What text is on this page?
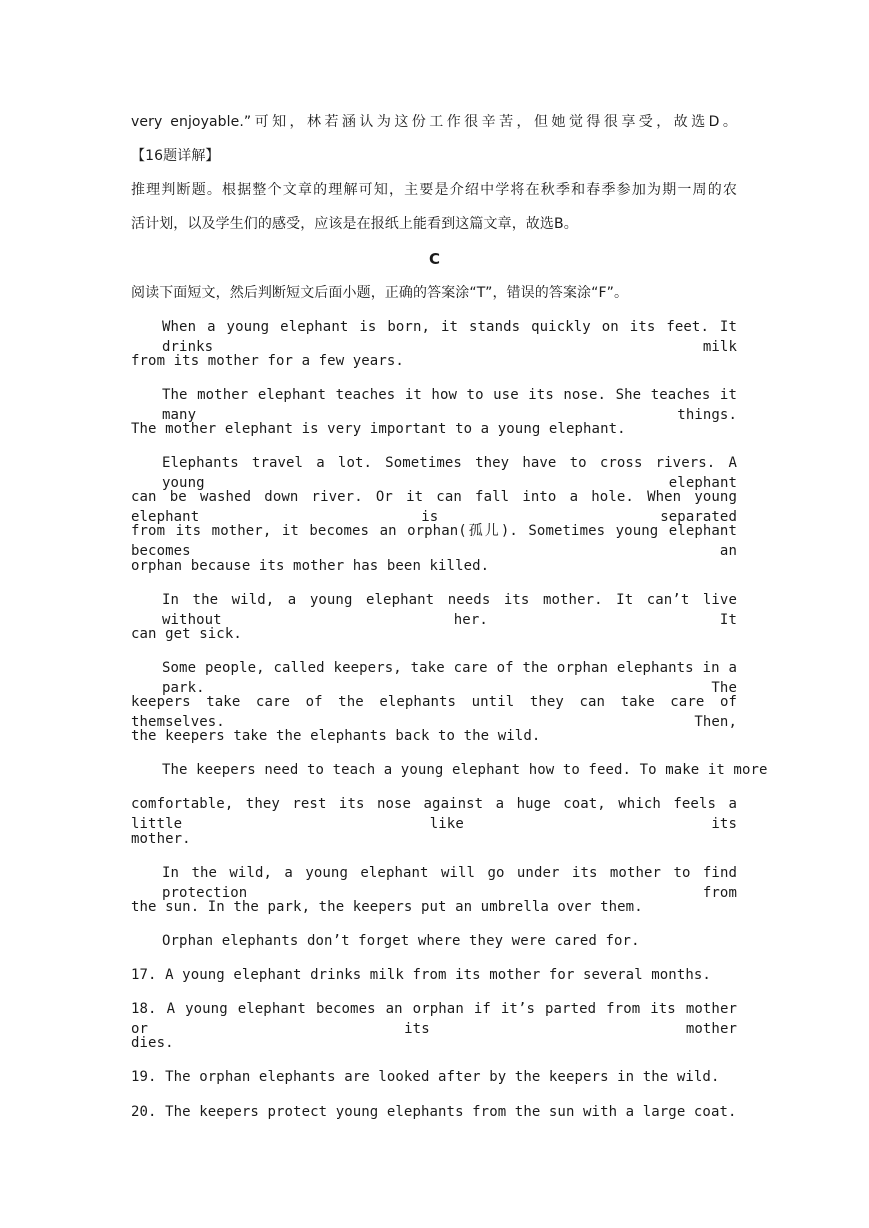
very enjoyable.”可知，林若涵认为这份工作很辛苦，但她觉得很享受，故选D。
【16题详解】
推理判断题。根据整个文章的理解可知，主要是介绍中学将在秋季和春季参加为期一周的农
活计划，以及学生们的感受，应该是在报纸上能看到这篇文章，故选B。
C
阅读下面短文，然后判断短文后面小题，正确的答案涂“T”，错误的答案涂“F”。
When a young elephant is born, it stands quickly on its feet. It drinks milk
from its mother for a few years.
The mother elephant teaches it how to use its nose. She teaches it many things.
The mother elephant is very important to a young elephant.
Elephants travel a lot. Sometimes they have to cross rivers. A young elephant
can be washed down river. Or it can fall into a hole. When young elephant is separated
from its mother, it becomes an orphan(孤儿). Sometimes young elephant becomes an
orphan because its mother has been killed.
In the wild, a young elephant needs its mother. It can’t live without her. It
can get sick.
Some people, called keepers, take care of the orphan elephants in a park. The
keepers take care of the elephants until they can take care of themselves. Then,
the keepers take the elephants back to the wild.
The keepers need to teach a young elephant how to feed. To make it more
comfortable, they rest its nose against a huge coat, which feels a little like its
mother.
In the wild, a young elephant will go under its mother to find protection from
the sun. In the park, the keepers put an umbrella over them.
Orphan elephants don’t forget where they were cared for.
17. A young elephant drinks milk from its mother for several months.
18. A young elephant becomes an orphan if it’s parted from its mother or its mother
dies.
19. The orphan elephants are looked after by the keepers in the wild.
20. The keepers protect young elephants from the sun with a large coat.
